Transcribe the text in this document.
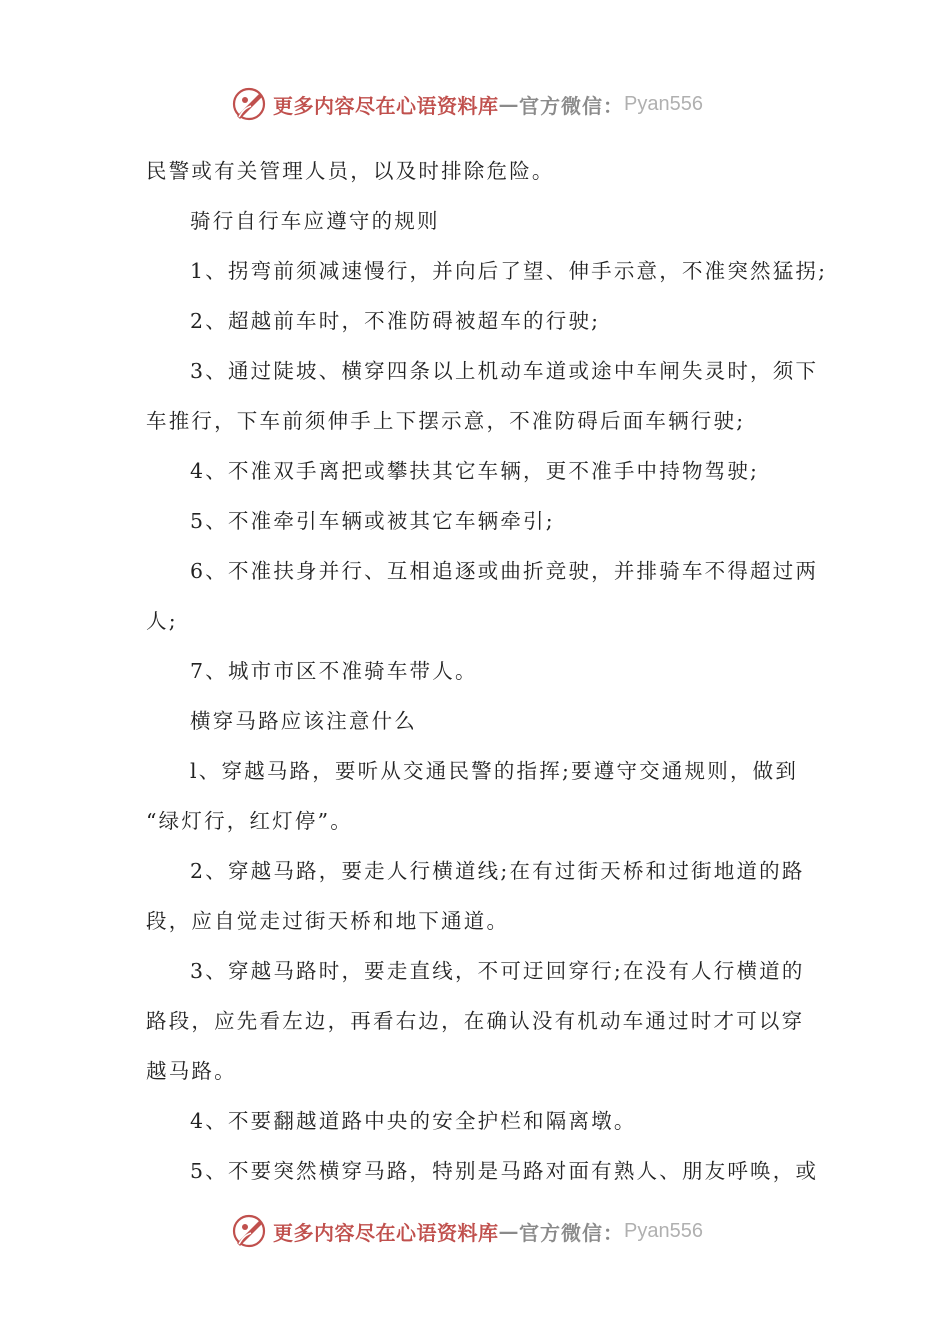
更多内容尽在心语资料库 — 官方微信： Pyan556
民警或有关管理人员，以及时排除危险。
骑行自行车应遵守的规则
1、拐弯前须减速慢行，并向后了望、伸手示意，不准突然猛拐;
2、超越前车时，不准防碍被超车的行驶;
3、通过陡坡、横穿四条以上机动车道或途中车闸失灵时，须下
车推行，下车前须伸手上下摆示意，不准防碍后面车辆行驶;
4、不准双手离把或攀扶其它车辆，更不准手中持物驾驶;
5、不准牵引车辆或被其它车辆牵引;
6、不准扶身并行、互相追逐或曲折竞驶，并排骑车不得超过两
人;
7、城市市区不准骑车带人。
横穿马路应该注意什么
l、穿越马路，要听从交通民警的指挥;要遵守交通规则，做到
“绿灯行，红灯停”。
2、穿越马路，要走人行横道线;在有过街天桥和过街地道的路
段，应自觉走过街天桥和地下通道。
3、穿越马路时，要走直线，不可迂回穿行;在没有人行横道的
路段，应先看左边，再看右边，在确认没有机动车通过时才可以穿
越马路。
4、不要翻越道路中央的安全护栏和隔离墩。
5、不要突然横穿马路，特别是马路对面有熟人、朋友呼唤，或
更多内容尽在心语资料库 — 官方微信： Pyan556
